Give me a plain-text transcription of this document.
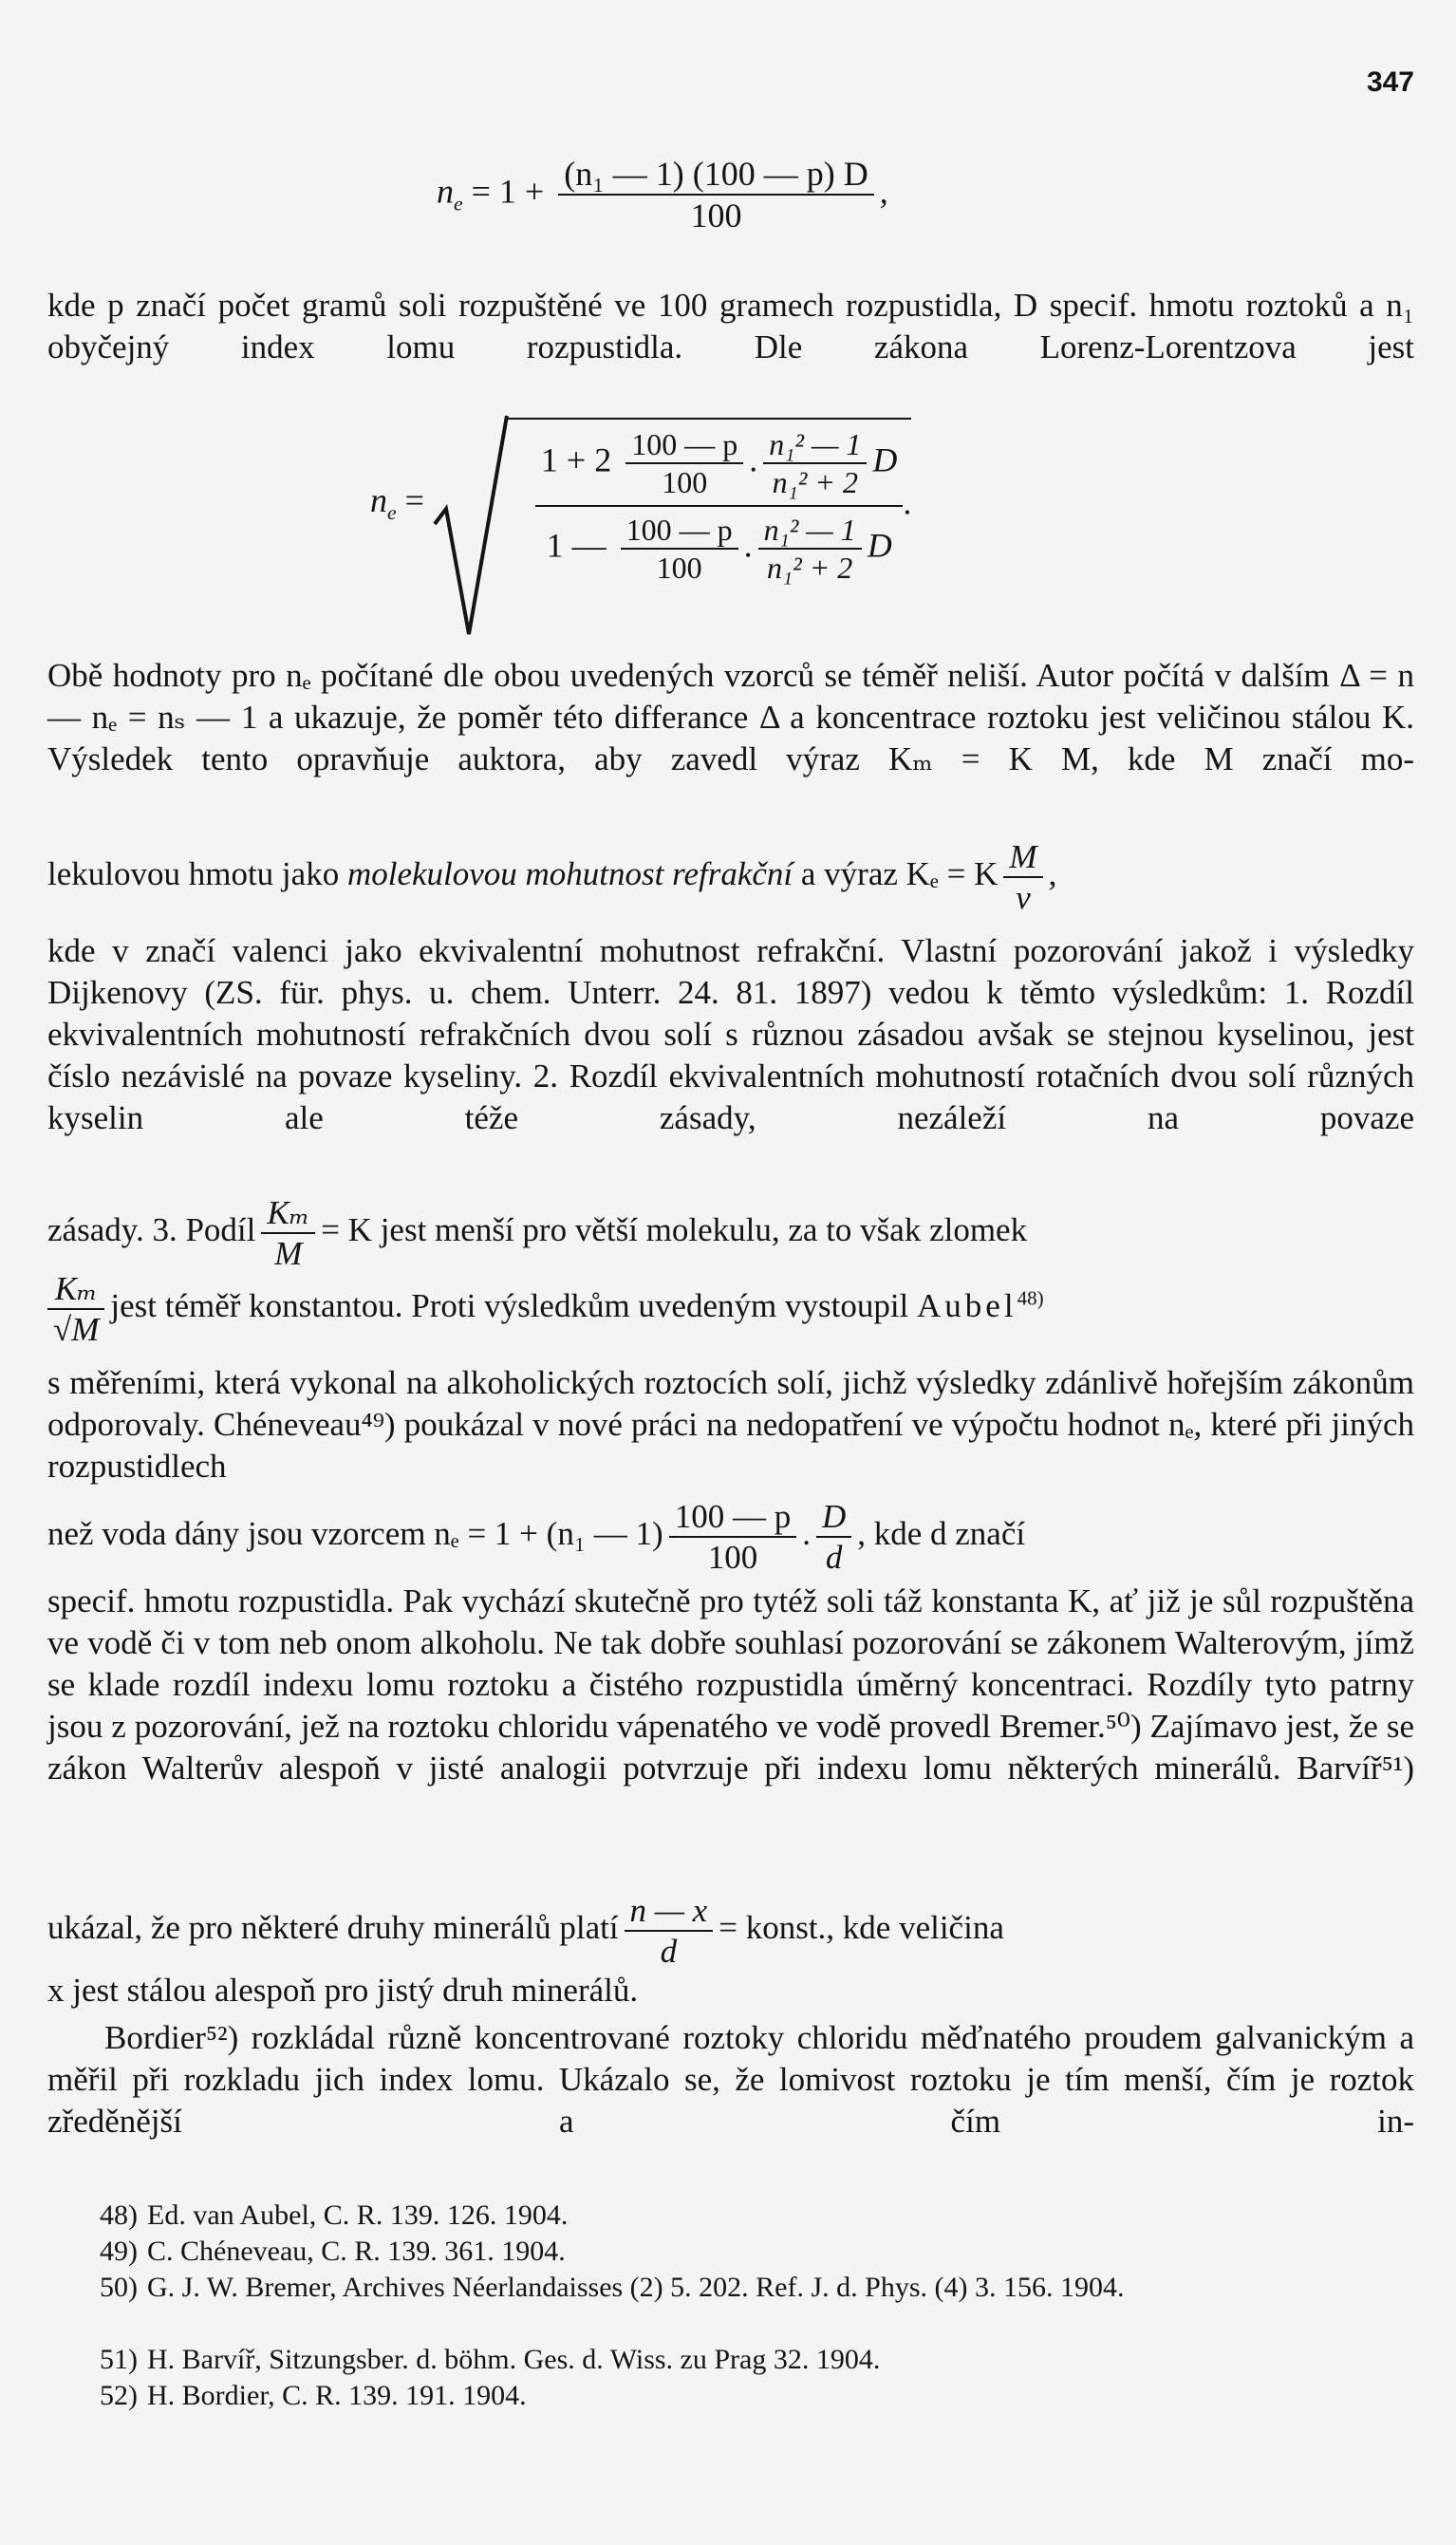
347
$n_e = 1 + \frac{\text{(n₁ — 1) (100 — p) D}}{100}$ ,

kde p značí počet gramů soli rozpuštěné ve 100 gramech rozpustidla, D specif. hmotu roztoků a n₁ obyčejný index lomu rozpustidla. Dle zákona Lorenz-Lorentzova jest

$n_e$ =	$\frac{1 + 2 \frac{100 — p}{100} . \frac{\text{n₁² — 1}}{\text{n₁² + 2}} D}{1 — \frac{100 — p}{100} . \frac{\text{n₁² — 1}}{\text{n₁² + 2}} D}$ .

Obě hodnoty pro nₑ počítané dle obou uvedených vzorců se téměř neliší. Autor počítá v dalším Δ = n — nₑ = nₛ — 1 a ukazuje, že poměr této differance Δ a koncentrace roztoku jest veličinou stálou K. Výsledek tento opravňuje auktora, aby zavedl výraz Kₘ = K M, kde M značí mo-

lekulovou hmotu jako molekulovou mohutnost refrakční a výraz Kₑ = K $\frac{M}{v}$ ,

kde v značí valenci jako ekvivalentní mohutnost refrakční. Vlastní pozorování jakož i výsledky Dijkenovy (ZS. für. phys. u. chem. Unterr. 24. 81. 1897) vedou k těmto výsledkům: 1. Rozdíl ekvivalentních mohutností refrakčních dvou solí s různou zásadou avšak se stejnou kyselinou, jest číslo nezávislé na povaze kyseliny. 2. Rozdíl ekvivalentních mohutností rotačních dvou solí různých kyselin ale téže zásady, nezáleží na povaze

zásady. 3. Podíl $\frac{\text{Kₘ}}{M} = K$ jest menší pro větší molekulu, za to však zlomek
$\frac{\text{Kₘ}}{√M}$ jest téměř konstantou. Proti výsledkům uvedeným vystoupil Aubel$^{48)}$

s měřeními, která vykonal na alkoholických roztocích solí, jichž výsledky zdánlivě hořejším zákonům odporovaly. Chéneveau⁴⁹) poukázal v nové práci na nedopatření ve výpočtu hodnot nₑ, které při jiných rozpustidlech

než voda dány jsou vzorcem nₑ = 1 + (n₁ — $1) \frac{100 — p}{100}$ . $\frac{D}{d}$ , kde d značí

specif. hmotu rozpustidla. Pak vychází skutečně pro tytéž soli táž konstanta K, ať již je sůl rozpuštěna ve vodě či v tom neb onom alkoholu. Ne tak dobře souhlasí pozorování se zákonem Walterovým, jímž se klade rozdíl indexu lomu roztoku a čistého rozpustidla úměrný koncentraci. Rozdíly tyto patrny jsou z pozorování, jež na roztoku chloridu vápenatého ve vodě provedl Bremer.⁵⁰) Zajímavo jest, že se zákon Walterův alespoň v jisté analogii potvrzuje při indexu lomu některých minerálů. Barvíř⁵¹)

ukázal, že pro některé druhy minerálů platí $\frac{n — x}{d}$ = konst., kde veličina

x jest stálou alespoň pro jistý druh minerálů.

Bordier⁵²) rozkládal různě koncentrované roztoky chloridu měďnatého proudem galvanickým a měřil při rozkladu jich index lomu. Ukázalo se, že lomivost roztoku je tím menší, čím je roztok zředěnější a čím in-

48) Ed. van Aubel, C. R. 139. 126. 1904.

49) C. Chéneveau, C. R. 139. 361. 1904.

50) G. J. W. Bremer, Archives Néerlandaisses (2) 5. 202. Ref. J. d. Phys. (4) 3. 156. 1904.

51) H. Barvíř, Sitzungsber. d. böhm. Ges. d. Wiss. zu Prag 32. 1904.

52) H. Bordier, C. R. 139. 191. 1904.
